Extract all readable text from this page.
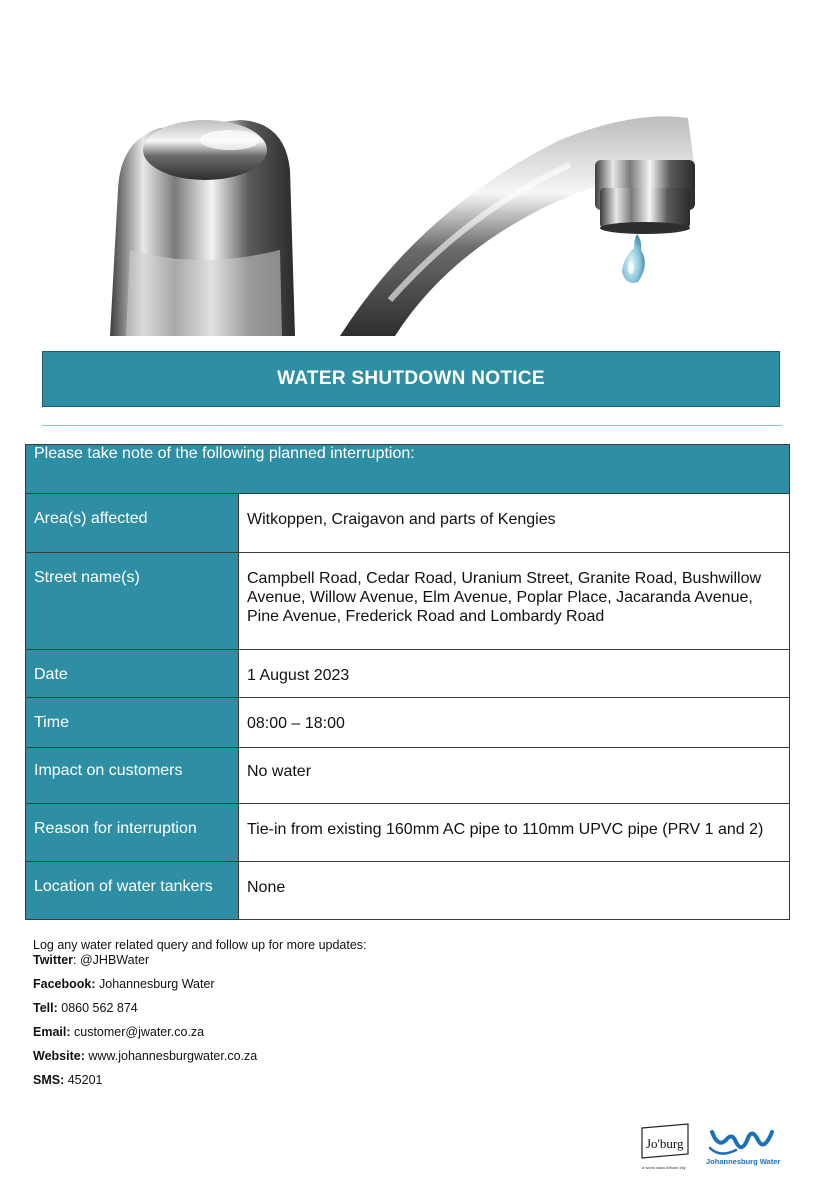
WATER SHUTDOWN NOTICE
Please take note of the following planned interruption:	
Area(s) affected	Witkoppen, Craigavon and parts of Kengies
Street name(s)	Campbell Road, Cedar Road, Uranium Street, Granite Road, Bushwillow Avenue, Willow Avenue, Elm Avenue, Poplar Place, Jacaranda Avenue, Pine Avenue, Frederick Road and Lombardy Road
Date	1 August 2023
Time	08:00 – 18:00
Impact on customers	No water
Reason for interruption	Tie-in from existing 160mm AC pipe to 110mm UPVC pipe (PRV 1 and 2)
Location of water tankers	None
Log any water related query and follow up for more updates:
Twitter: @JHBWater
Facebook: Johannesburg Water
Tell: 0860 562 874
Email: customer@jwater.co.za
Website: www.johannesburgwater.co.za
SMS: 45201
Jo'burg
a world class African city
Johannesburg Water
